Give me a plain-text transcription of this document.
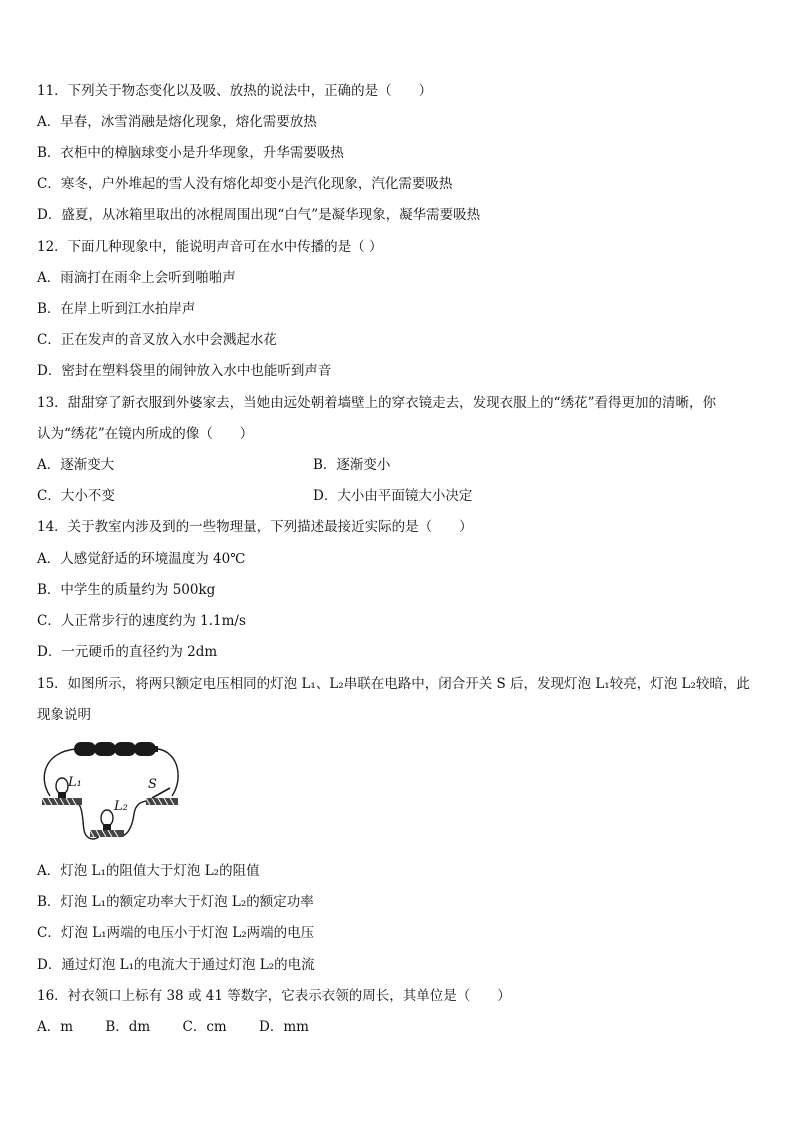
11．下列关于物态变化以及吸、放热的说法中，正确的是（　　）
A．早春，冰雪消融是熔化现象，熔化需要放热
B．衣柜中的樟脑球变小是升华现象，升华需要吸热
C．寒冬，户外堆起的雪人没有熔化却变小是汽化现象，汽化需要吸热
D．盛夏，从冰箱里取出的冰棍周围出现“白气”是凝华现象，凝华需要吸热
12．下面几种现象中，能说明声音可在水中传播的是（ ）
A．雨滴打在雨伞上会听到啪啪声
B．在岸上听到江水拍岸声
C．正在发声的音叉放入水中会溅起水花
D．密封在塑料袋里的闹钟放入水中也能听到声音
13．甜甜穿了新衣服到外婆家去，当她由远处朝着墙壁上的穿衣镜走去，发现衣服上的“绣花”看得更加的清晰，你
认为“绣花”在镜内所成的像（　　）
A．逐渐变大	B．逐渐变小
C．大小不变	D．大小由平面镜大小决定
14．关于教室内涉及到的一些物理量，下列描述最接近实际的是（　　）
A．人感觉舒适的环境温度为 40℃
B．中学生的质量约为 500kg
C．人正常步行的速度约为 1.1m/s
D．一元硬币的直径约为 2dm
15．如图所示，将两只额定电压相同的灯泡 L₁、L₂串联在电路中，闭合开关 S 后，发现灯泡 L₁较亮，灯泡 L₂较暗，此
现象说明
L₁
L₂
S
A．灯泡 L₁的阻值大于灯泡 L₂的阻值
B．灯泡 L₁的额定功率大于灯泡 L₂的额定功率
C．灯泡 L₁两端的电压小于灯泡 L₂两端的电压
D．通过灯泡 L₁的电流大于通过灯泡 L₂的电流
16．衬衣领口上标有 38 或 41 等数字，它表示衣领的周长，其单位是（　　）
A．m B．dm C．cm D．mm
